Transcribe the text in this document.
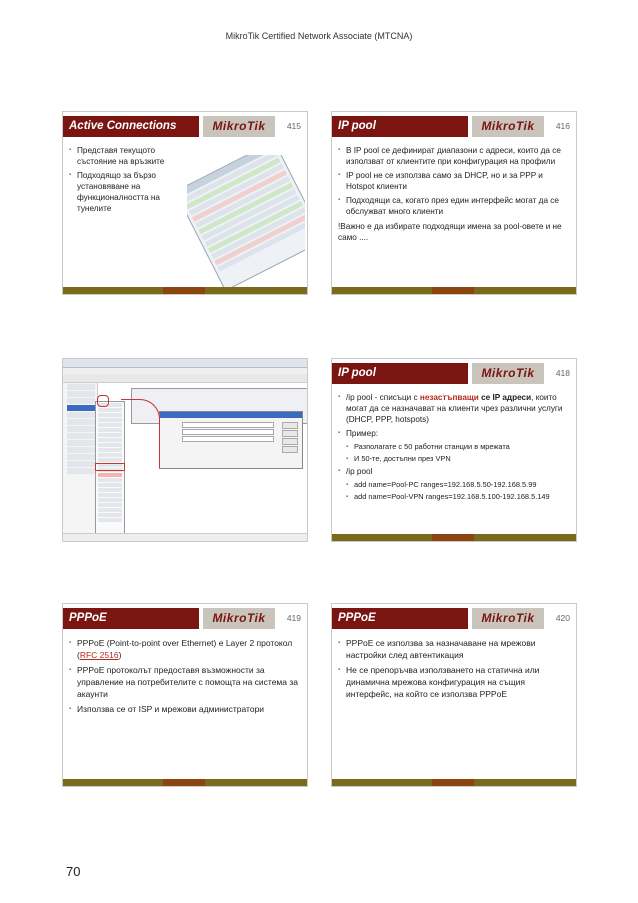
MikroTik Certified Network Associate (MTCNA)
Active Connections	MikroTik	415
▪ Представя текущото състояние на връзките
▪ Подходящо за бързо установяване на функционалността на тунелите
IP pool	MikroTik	416
▪ В IP pool се дефинират диапазони с адреси, които да се използват от клиентите при конфигурация на профили
▪ IP pool не се използва само за DHCP, но и за PPP и Hotspot клиенти
▪ Подходящи са, когато през един интерфейс могат да се обслужват много клиенти
!Важно е да избирате подходящи имена за pool-овете и не само ....
IP pool	MikroTik	418
▪ /ip pool - списъци с незастъпващи се IP адреси, които могат да се назначават на клиенти чрез различни услуги (DHCP, PPP, hotspots)
▪ Пример:
▪ Разполагате с 50 работни станции в мрежата
▪ И 50-те, достъпни през VPN
▪ /ip pool
▪ add name=Pool-PC ranges=192.168.5.50-192.168.5.99
▪ add name=Pool-VPN ranges=192.168.5.100-192.168.5.149
PPPoE	MikroTik	419
▪ PPPoE (Point-to-point over Ethernet) е Layer 2 протокол (RFC 2516)
▪ PPPoE протоколът предоставя възможности за управление на потребителите с помощта на система за акаунти
▪ Използва се от ISP и мрежови администратори
PPPoE	MikroTik	420
▪ PPPoE се използва за назначаване на мрежови настройки след автентикация
▪ Не се препоръчва използването на статична или динамична мрежова конфигурация на същия интерфейс, на който се използва PPPoE
70
